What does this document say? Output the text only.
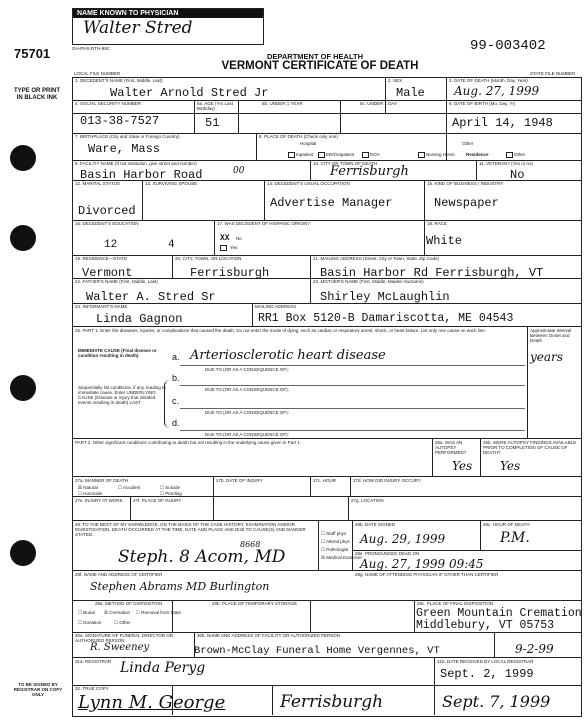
NAME KNOWN TO PHYSICIAN
Walter Stred
75701	OH-PHS-DTH-89C
TYPE OR PRINT IN BLACK INK
DEPARTMENT OF HEALTH
VERMONT CERTIFICATE OF DEATH
99-003402
LOCAL FILE NUMBER	STATE FILE NUMBER
1. DECEDENT'S NAME (First, Middle, Last)
Walter Arnold Stred Jr
2. SEX
Male
3. DATE OF DEATH (Month, Day, Year)
Aug. 27, 1999
4. SOCIAL SECURITY NUMBER
013-38-7527
5a. AGE (Yrs Last Birthday)
51
5b. UNDER 1 YEAR	5c. UNDER 1 DAY	6. DATE OF BIRTH (Mo, Day, Yr)
April 14, 1948
7. BIRTHPLACE (City and State or Foreign Country)
Ware, Mass
8. PLACE OF DEATH (Check only one)
Hospital	Other
Inpatient	ER/Outpatient	DOA	Nursing Home Residence	Other
9. FACILITY NAME (If not institution, give street and number)
Basin Harbor Road	00
10. CITY OR TOWN OF DEATH
Ferrisburgh
11. VETERAN? (Yes or no)
No
12. MARITAL STATUS
Divorced
13. SURVIVING SPOUSE	14. DECEDENT'S USUAL OCCUPATION
Advertise Manager
15. KIND OF BUSINESS / INDUSTRY
Newspaper
16. DECEDENT'S EDUCATION
12	4
17. WAS DECEDENT OF HISPANIC ORIGIN?
XX No
Yes
18. RACE
White
19. RESIDENCE—STATE
Vermont
20. CITY, TOWN, OR LOCATION
Ferrisburgh
21. MAILING ADDRESS (Street, City or Town, State, Zip Code)
Basin Harbor Rd Ferrisburgh, VT
22. FATHER'S NAME (First, Middle, Last)
Walter A. Stred Sr
23. MOTHER'S NAME (First, Middle, Maiden Surname)
Shirley McLaughlin
24. INFORMANT'S NAME
Linda Gagnon
MAILING ADDRESS
RR1 Box 5120-B Damariscotta, ME 04543
25. PART 1. Enter the diseases, injuries, or complications that caused the death. Do not enter the mode of dying, such as cardiac or respiratory arrest, shock, or heart failure. List only one cause on each line.	Approximate Interval Between Onset and Death
IMMEDIATE CAUSE (Final disease or condition resulting in death)	a.
b.
c.
d.
DUE TO (OR AS A CONSEQUENCE OF):
DUE TO (OR AS A CONSEQUENCE OF):
DUE TO (OR AS A CONSEQUENCE OF):
DUE TO (OR AS A CONSEQUENCE OF):
Arteriosclerotic heart disease	years
Sequentially list conditions, if any, leading to immediate cause. Enter UNDERLYING CAUSE (Disease or injury that initiated events resulting in death) LAST
PART 2. Other significant conditions contributing to death but not resulting in the underlying cause given in Part 1.	26a. WAS AN AUTOPSY PERFORMED?
Yes
26b. WERE AUTOPSY FINDINGS AVAILABLE PRIOR TO COMPLETION OF CAUSE OF DEATH?
Yes
27a. MANNER OF DEATH
☒ Natural	☐ Accident	☐ Suicide
☐ Homicide	☐ Pending
27b. DATE OF INJURY	27c. HOUR	27d. HOW DID INJURY OCCUR?
27e. INJURY AT WORK 27f. PLACE OF INJURY	27g. LOCATION
28. TO THE BEST OF MY KNOWLEDGE, ON THE BASIS OF THE CASE HISTORY, EXAMINATION AND/OR INVESTIGATION, DEATH OCCURRED AT THE TIME, DATE AND PLACE AND DUE TO CAUSE(S) AND MANNER STATED.
Steph. 8 Acom, MD
8668
☐ Staff phys
☐ Attend phys
☐ Pathologist
☒ Medical Examiner
28b. DATE SIGNED
Aug. 29, 1999
28c. HOUR OF DEATH
P.M.
28e. PRONOUNCED DEAD ON
Aug. 27, 1999 09:45
28f. NAME AND ADDRESS OF CERTIFIER
Stephen Abrams MD Burlington
28g. NAME OF ATTENDING PHYSICIAN IF OTHER THAN CERTIFIER
29a. METHOD OF DISPOSITION
☐ Burial ☒ Cremation ☐ Removal from State
☐ Donation	☐ Other
29b. PLACE OF TEMPORARY STORAGE	29c. PLACE OF FINAL DISPOSITION
Green Mountain Cremation
Middlebury, VT 05753
30a. SIGNATURE OF FUNERAL DIRECTOR OR AUTHORIZED PERSON
R. Sweeney
30b. NAME AND ADDRESS OF FACILITY OR AUTHORIZED PERSON
Brown-McClay Funeral Home Vergennes, VT	9-2-99
31a. REGISTRAR Linda Peryg	31b. DATE RECEIVED BY LOCAL REGISTRAR
Sept. 2, 1999
TO BE SIGNED BY REGISTRAR ON COPY ONLY
32. TRUE COPY
Lynn M. George	Ferrisburgh	Sept. 7, 1999
